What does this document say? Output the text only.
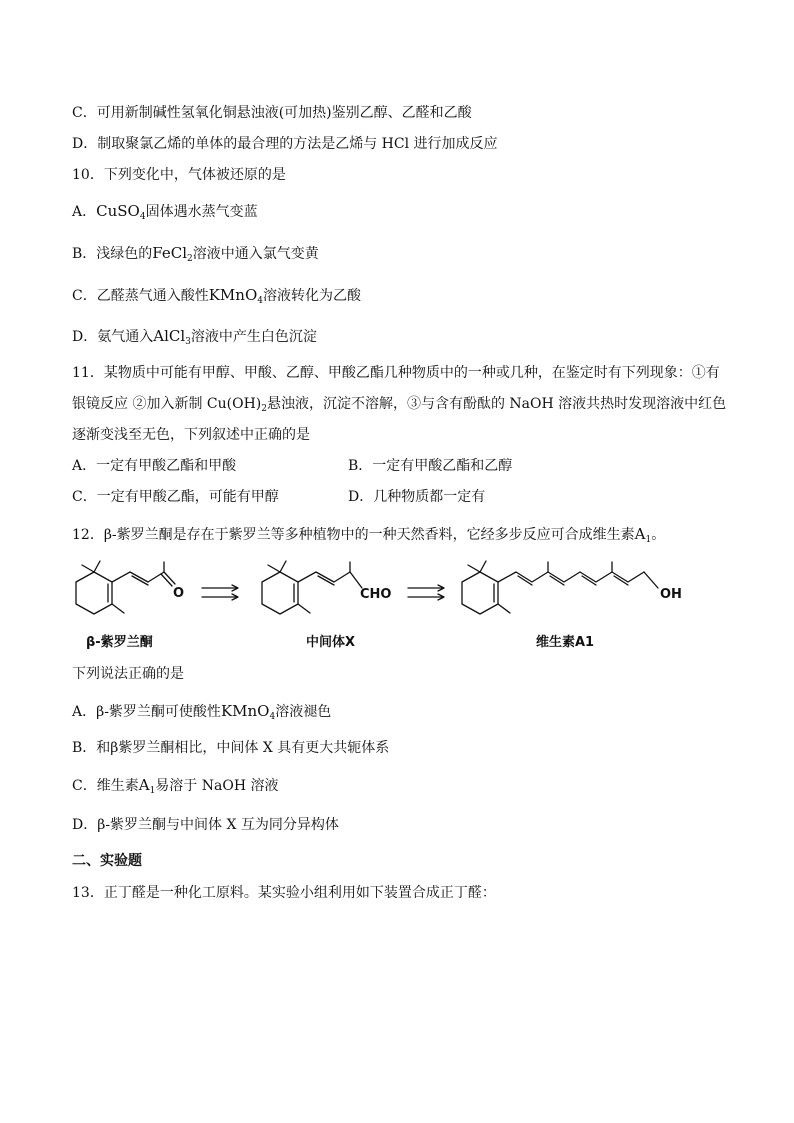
C．可用新制碱性氢氧化铜悬浊液(可加热)鉴别乙醇、乙醛和乙酸
D．制取聚氯乙烯的单体的最合理的方法是乙烯与 HCl 进行加成反应
10．下列变化中，气体被还原的是
A．CuSO$_4$固体遇水蒸气变蓝
B．浅绿色的FeCl$_2$溶液中通入氯气变黄
C．乙醛蒸气通入酸性KMnO$_4$溶液转化为乙酸
D．氨气通入AlCl$_3$溶液中产生白色沉淀
11．某物质中可能有甲醇、甲酸、乙醇、甲酸乙酯几种物质中的一种或几种，在鉴定时有下列现象：①有
银镜反应 ②加入新制 $Cu(OH)_2$悬浊液，沉淀不溶解，③与含有酚酞的 NaOH 溶液共热时发现溶液中红色
逐渐变浅至无色，下列叙述中正确的是
A．一定有甲酸乙酯和甲酸	B．一定有甲酸乙酯和乙醇
C．一定有甲酸乙酯，可能有甲醇	D．几种物质都一定有
12．β-紫罗兰酮是存在于紫罗兰等多种植物中的一种天然香料，它经多步反应可合成维生素$A_1$。
O	CHO	OH
β-紫罗兰酮	中间体X	维生素A1
下列说法正确的是
A．β-紫罗兰酮可使酸性KMnO$_4$溶液褪色
B．和β紫罗兰酮相比，中间体 X 具有更大共轭体系
C．维生素$A_1$易溶于 NaOH 溶液
D．β-紫罗兰酮与中间体 X 互为同分异构体
二、实验题
13．正丁醛是一种化工原料。某实验小组利用如下装置合成正丁醛：
